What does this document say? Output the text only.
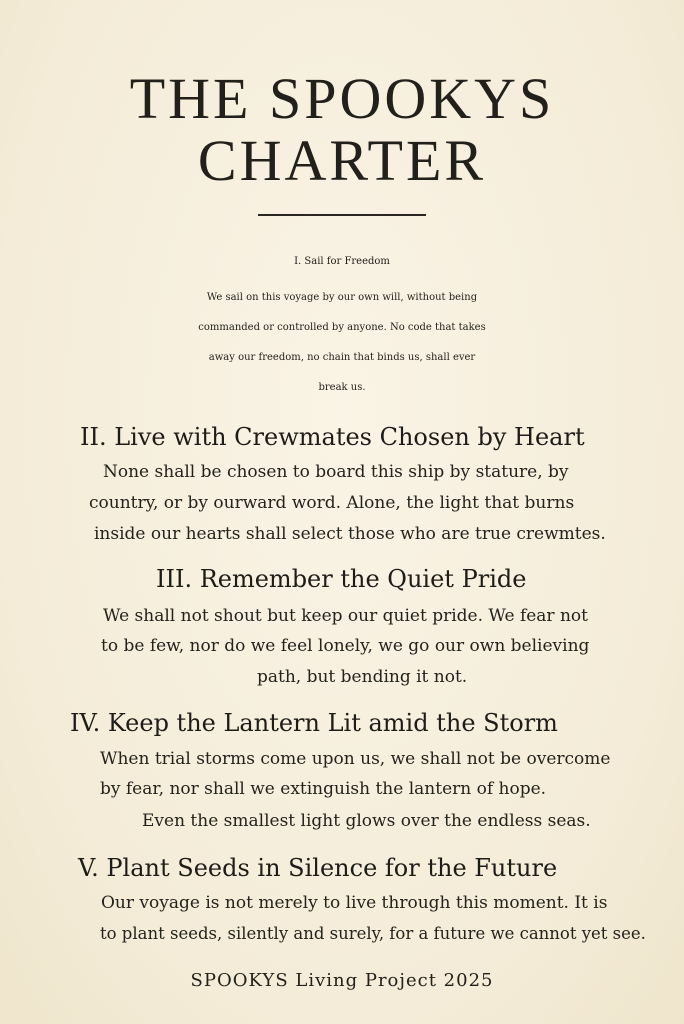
THE SPOOKYS
CHARTER
I. Sail for Freedom

We sail on this voyage by our own will, without being

commanded or controlled by anyone. No code that takes

away our freedom, no chain that binds us, shall ever

break us.

II. Live with Crewmates Chosen by Heart

None shall be chosen to board this ship by stature, by

country, or by ourward word. Alone, the light that burns

inside our hearts shall select those who are true crewmtes.

III. Remember the Quiet Pride

We shall not shout but keep our quiet pride. We fear not

to be few, nor do we feel lonely, we go our own believing

path, but bending it not.

IV. Keep the Lantern Lit amid the Storm

When trial storms come upon us, we shall not be overcome

by fear, nor shall we extinguish the lantern of hope.

Even the smallest light glows over the endless seas.

V. Plant Seeds in Silence for the Future

Our voyage is not merely to live through this moment. It is

to plant seeds, silently and surely, for a future we cannot yet see.

SPOOKYS Living Project 2025
